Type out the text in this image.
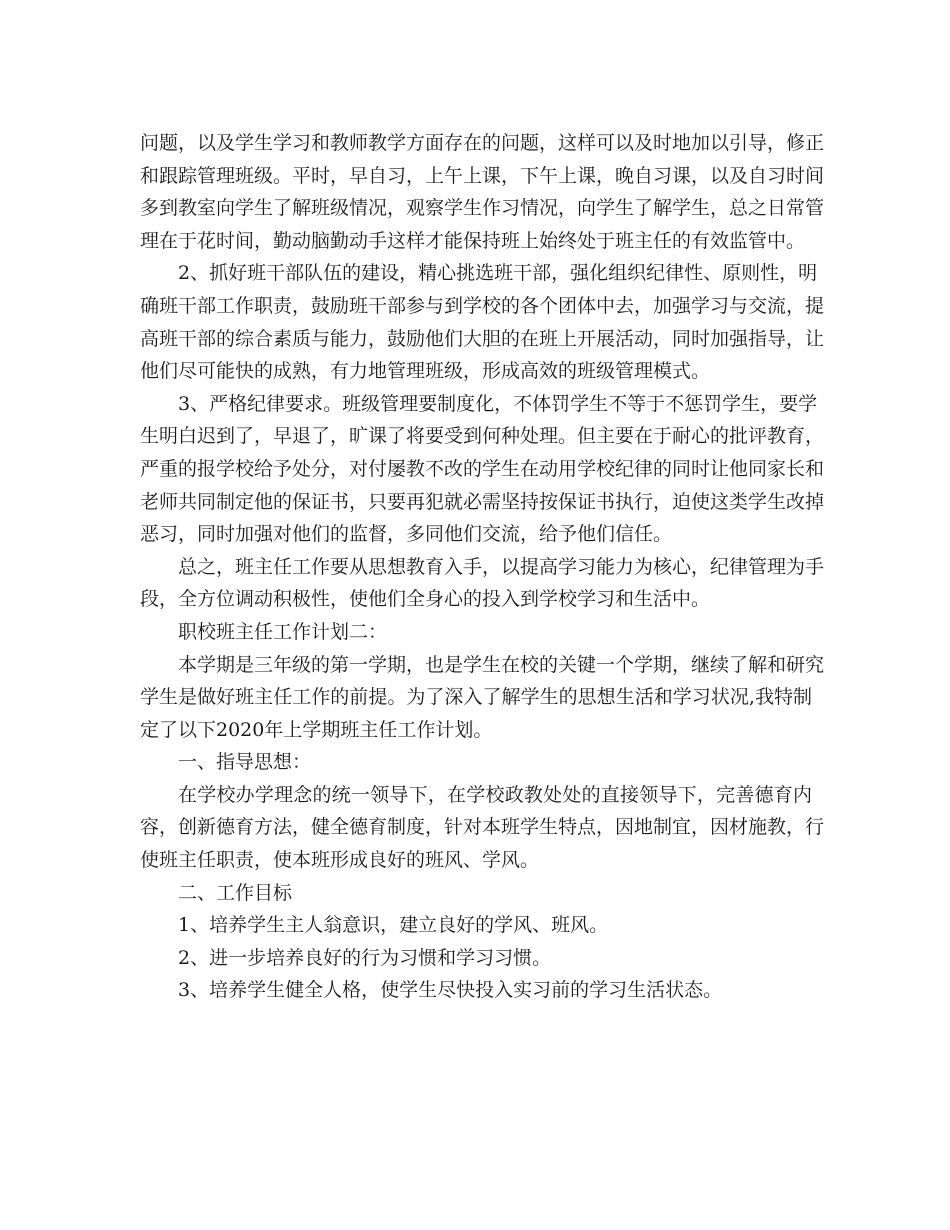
问题，以及学生学习和教师教学方面存在的问题，这样可以及时地加以引导，修正
和跟踪管理班级。平时，早自习，上午上课，下午上课，晚自习课，以及自习时间
多到教室向学生了解班级情况，观察学生作习情况，向学生了解学生，总之日常管
理在于花时间，勤动脑勤动手这样才能保持班上始终处于班主任的有效监管中。
2、抓好班干部队伍的建设，精心挑选班干部，强化组织纪律性、原则性，明
确班干部工作职责，鼓励班干部参与到学校的各个团体中去，加强学习与交流，提
高班干部的综合素质与能力，鼓励他们大胆的在班上开展活动，同时加强指导，让
他们尽可能快的成熟，有力地管理班级，形成高效的班级管理模式。
3、严格纪律要求。班级管理要制度化，不体罚学生不等于不惩罚学生，要学
生明白迟到了，早退了，旷课了将要受到何种处理。但主要在于耐心的批评教育，
严重的报学校给予处分，对付屡教不改的学生在动用学校纪律的同时让他同家长和
老师共同制定他的保证书，只要再犯就必需坚持按保证书执行，迫使这类学生改掉
恶习，同时加强对他们的监督，多同他们交流，给予他们信任。
总之，班主任工作要从思想教育入手，以提高学习能力为核心，纪律管理为手
段，全方位调动积极性，使他们全身心的投入到学校学习和生活中。
职校班主任工作计划二：
本学期是三年级的第一学期，也是学生在校的关键一个学期，继续了解和研究
学生是做好班主任工作的前提。为了深入了解学生的思想生活和学习状况,我特制
定了以下2020年上学期班主任工作计划。
一、指导思想：
在学校办学理念的统一领导下，在学校政教处处的直接领导下，完善德育内
容，创新德育方法，健全德育制度，针对本班学生特点，因地制宜，因材施教，行
使班主任职责，使本班形成良好的班风、学风。
二、工作目标
1、培养学生主人翁意识，建立良好的学风、班风。
2、进一步培养良好的行为习惯和学习习惯。
3、培养学生健全人格，使学生尽快投入实习前的学习生活状态。
